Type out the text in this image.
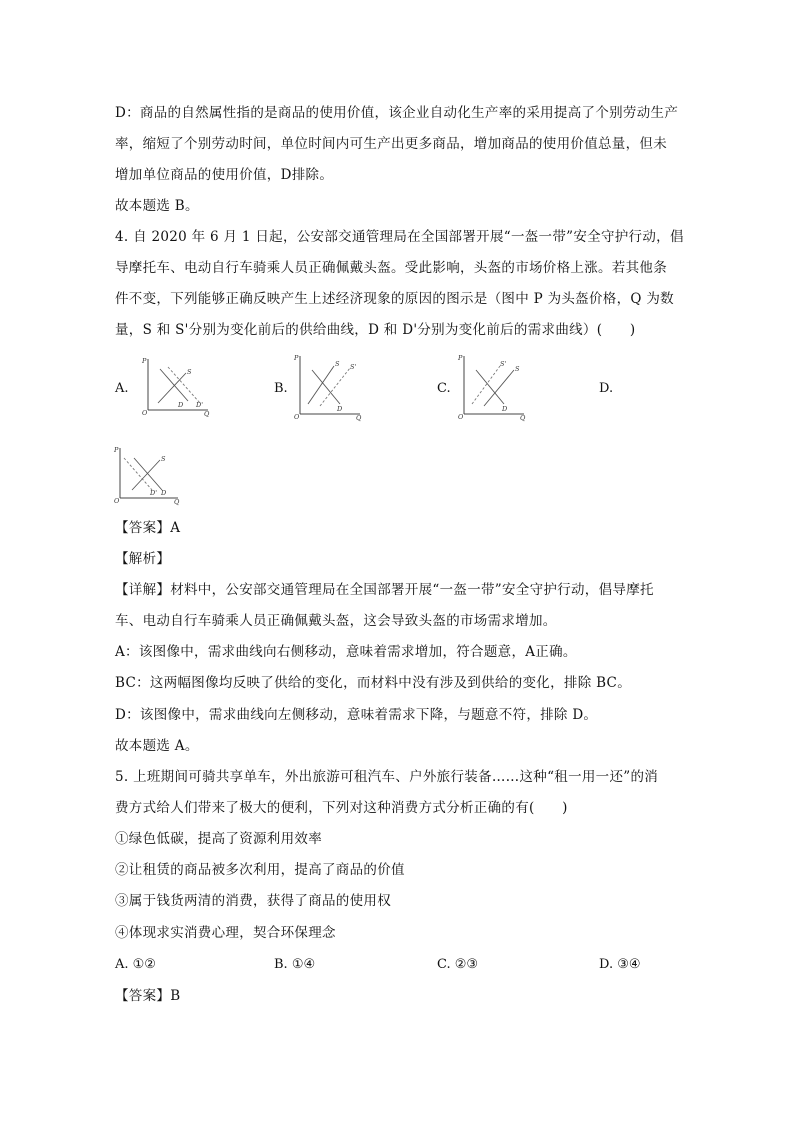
D：商品的自然属性指的是商品的使用价值，该企业自动化生产率的采用提高了个别劳动生产
率，缩短了个别劳动时间，单位时间内可生产出更多商品，增加商品的使用价值总量，但未
增加单位商品的使用价值，D排除。
故本题选 B。
4. 自 2020 年 6 月 1 日起，公安部交通管理局在全国部署开展“一盔一带”安全守护行动，倡
导摩托车、电动自行车骑乘人员正确佩戴头盔。受此影响，头盔的市场价格上涨。若其他条
件不变，下列能够正确反映产生上述经济现象的原因的图示是（图中 P 为头盔价格，Q 为数
量，S 和 S'分别为变化前后的供给曲线，D 和 D'分别为变化前后的需求曲线）(　　)
A.	B.	C.	D.
P
O	Q
S
D D'
P
O	Q
S S'
D
P
O	Q
S'
S
D
P
O	Q
S
D
D'
【答案】A
【解析】
【详解】材料中，公安部交通管理局在全国部署开展“一盔一带”安全守护行动，倡导摩托
车、电动自行车骑乘人员正确佩戴头盔，这会导致头盔的市场需求增加。
A：该图像中，需求曲线向右侧移动，意味着需求增加，符合题意，A正确。
BC：这两幅图像均反映了供给的变化，而材料中没有涉及到供给的变化，排除 BC。
D：该图像中，需求曲线向左侧移动，意味着需求下降，与题意不符，排除 D。
故本题选 A。
5. 上班期间可骑共享单车，外出旅游可租汽车、户外旅行装备……这种“租一用一还”的消
费方式给人们带来了极大的便利，下列对这种消费方式分析正确的有(　　)
①绿色低碳，提高了资源利用效率
②让租赁的商品被多次利用，提高了商品的价值
③属于钱货两清的消费，获得了商品的使用权
④体现求实消费心理，契合环保理念
A. ①②	B. ①④	C. ②③	D. ③④
【答案】B
